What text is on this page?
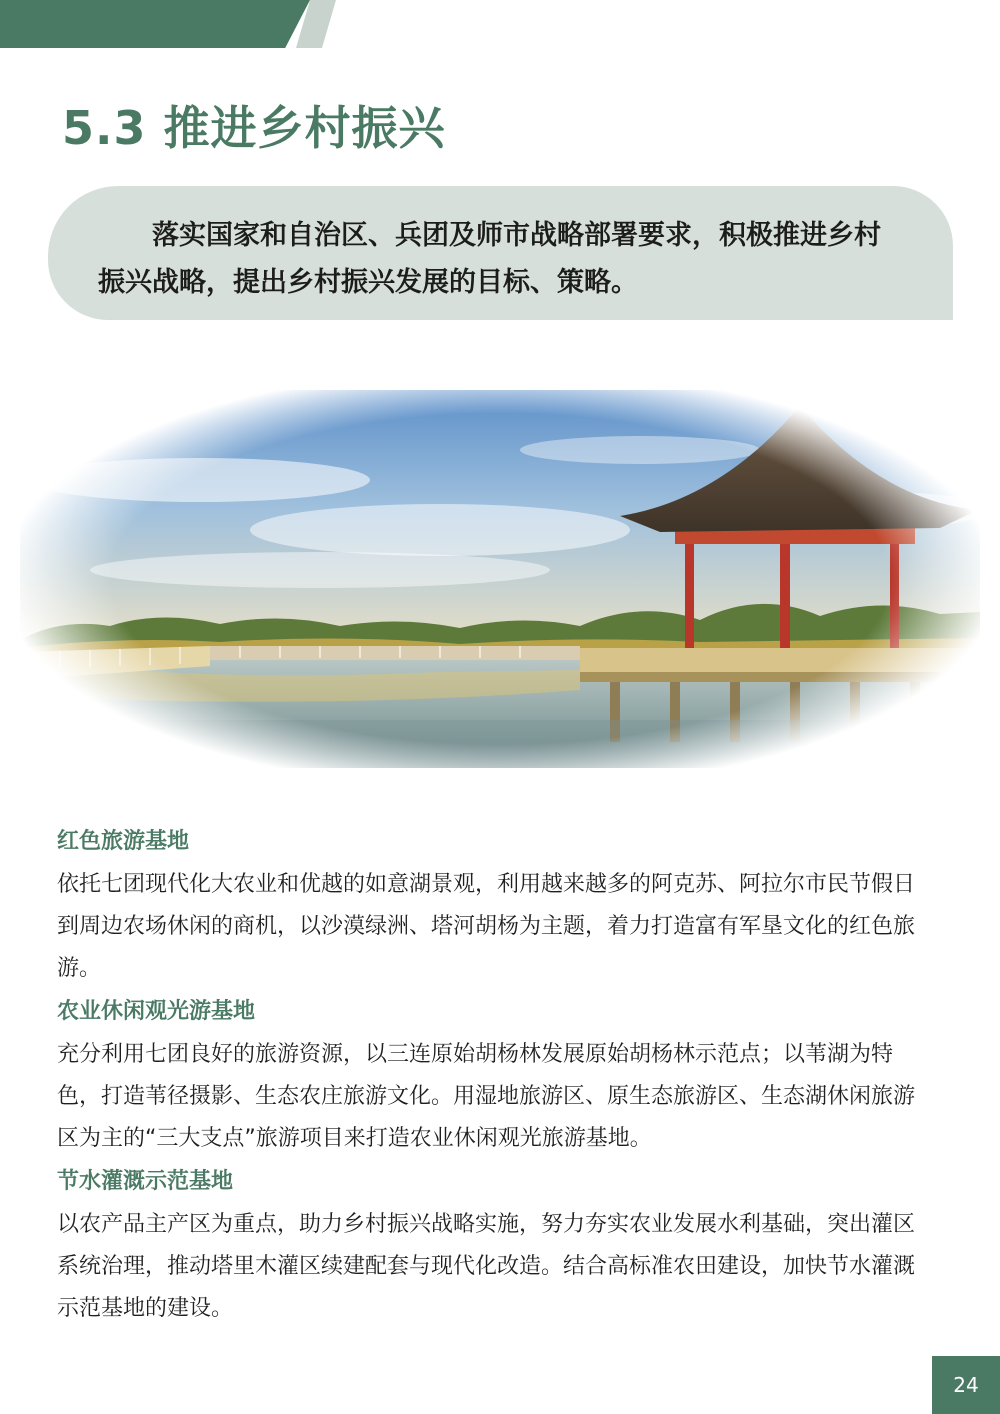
5.3 推进乡村振兴

落实国家和自治区、兵团及师市战略部署要求，积极推进乡村振兴战略，提出乡村振兴发展的目标、策略。

红色旅游基地

依托七团现代化大农业和优越的如意湖景观，利用越来越多的阿克苏、阿拉尔市民节假日到周边农场休闲的商机，以沙漠绿洲、塔河胡杨为主题，着力打造富有军垦文化的红色旅游。

农业休闲观光游基地

充分利用七团良好的旅游资源，以三连原始胡杨林发展原始胡杨林示范点；以苇湖为特色，打造苇径摄影、生态农庄旅游文化。用湿地旅游区、原生态旅游区、生态湖休闲旅游区为主的“三大支点”旅游项目来打造农业休闲观光旅游基地。

节水灌溉示范基地

以农产品主产区为重点，助力乡村振兴战略实施，努力夯实农业发展水利基础，突出灌区系统治理，推动塔里木灌区续建配套与现代化改造。结合高标准农田建设，加快节水灌溉示范基地的建设。

24
